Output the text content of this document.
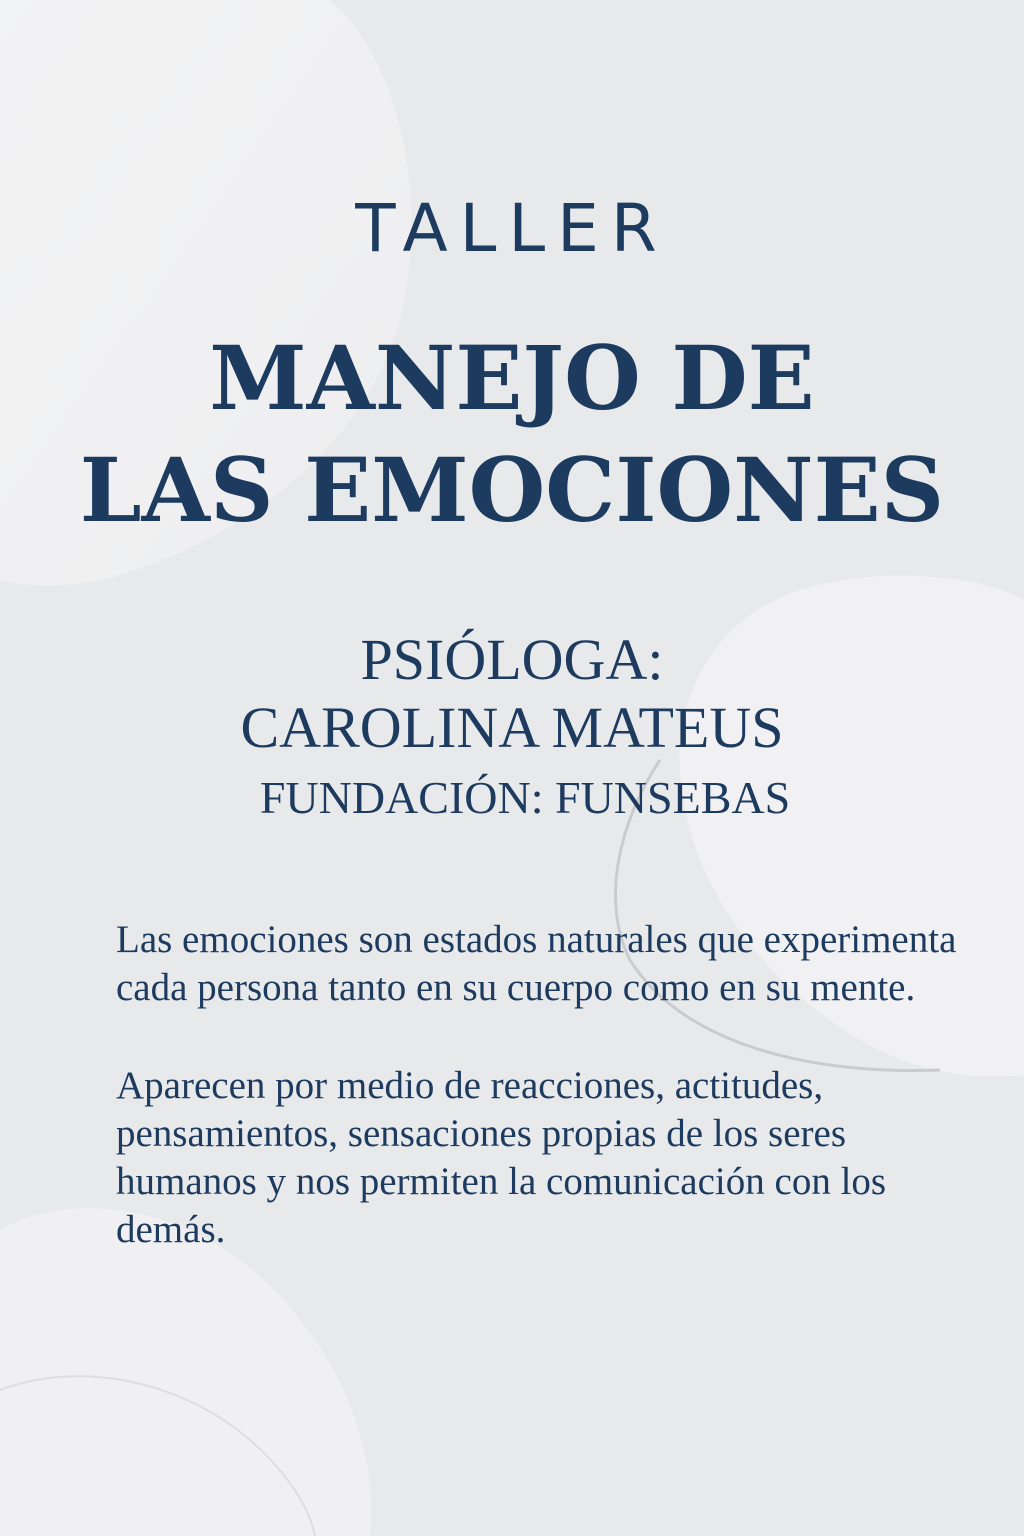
TALLER
MANEJO DE
LAS EMOCIONES
PSIÓLOGA:
CAROLINA MATEUS
FUNDACIÓN: FUNSEBAS

Las emociones son estados naturales que experimenta cada persona tanto en su cuerpo como en su mente.

Aparecen por medio de reacciones, actitudes, pensamientos, sensaciones propias de los seres humanos y nos permiten la comunicación con los demás.
